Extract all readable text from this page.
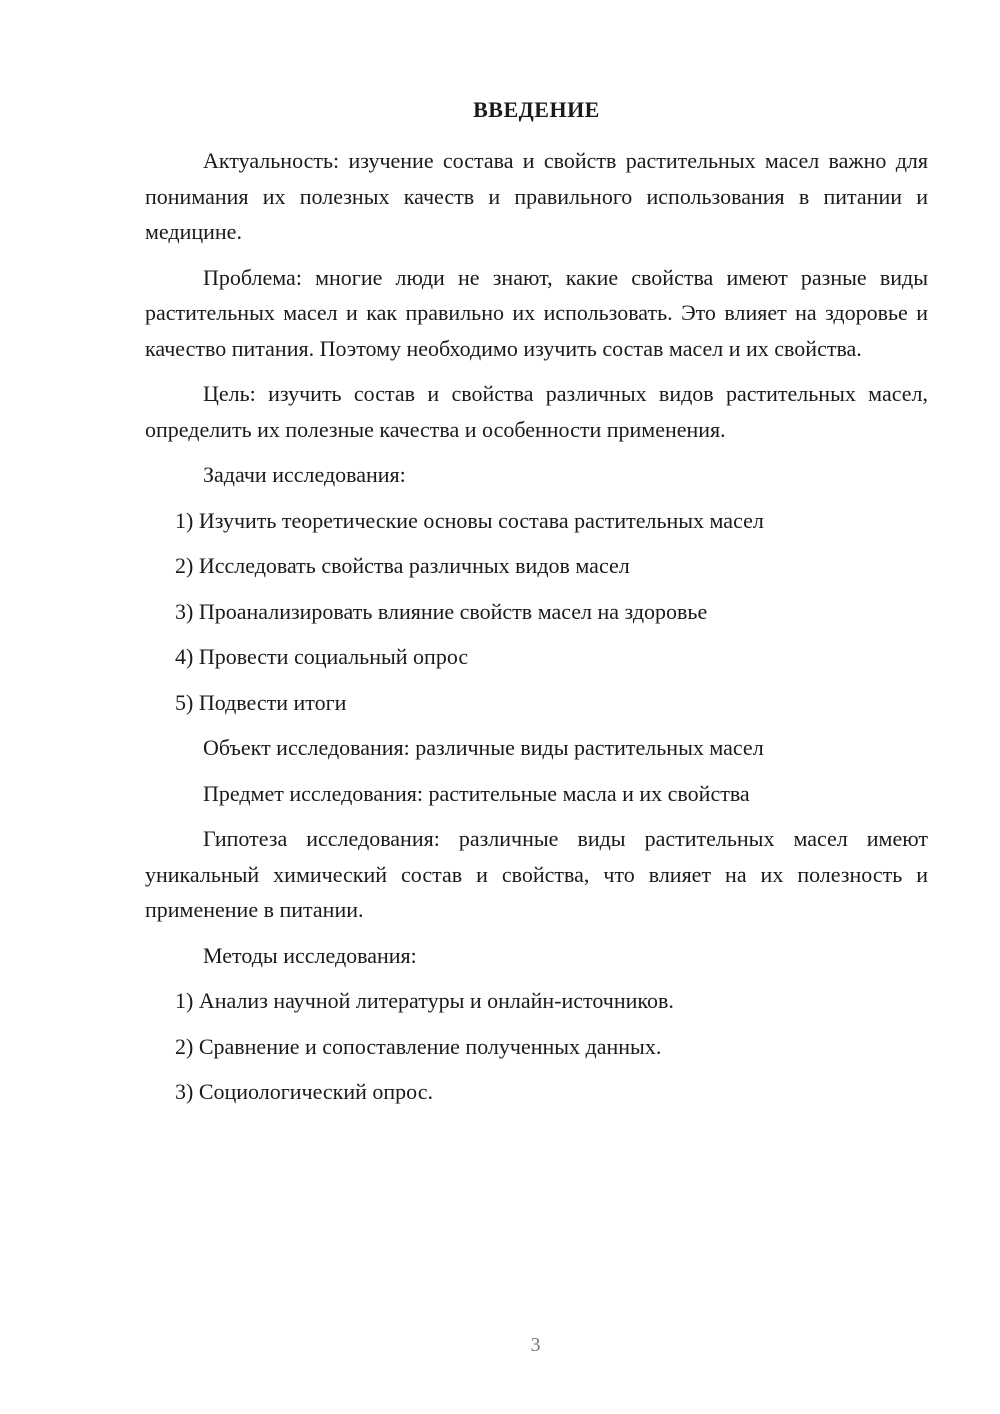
ВВЕДЕНИЕ

Актуальность: изучение состава и свойств растительных масел важно для понимания их полезных качеств и правильного использования в питании и медицине.

Проблема: многие люди не знают, какие свойства имеют разные виды растительных масел и как правильно их использовать. Это влияет на здоровье и качество питания. Поэтому необходимо изучить состав масел и их свойства.

Цель: изучить состав и свойства различных видов растительных масел, определить их полезные качества и особенности применения.

Задачи исследования:

1) Изучить теоретические основы состава растительных масел
2) Исследовать свойства различных видов масел
3) Проанализировать влияние свойств масел на здоровье
4) Провести социальный опрос
5) Подвести итоги

Объект исследования: различные виды растительных масел

Предмет исследования: растительные масла и их свойства

Гипотеза исследования: различные виды растительных масел имеют уникальный химический состав и свойства, что влияет на их полезность и применение в питании.

Методы исследования:

1) Анализ научной литературы и онлайн-источников.
2) Сравнение и сопоставление полученных данных.
3) Социологический опрос.
3
